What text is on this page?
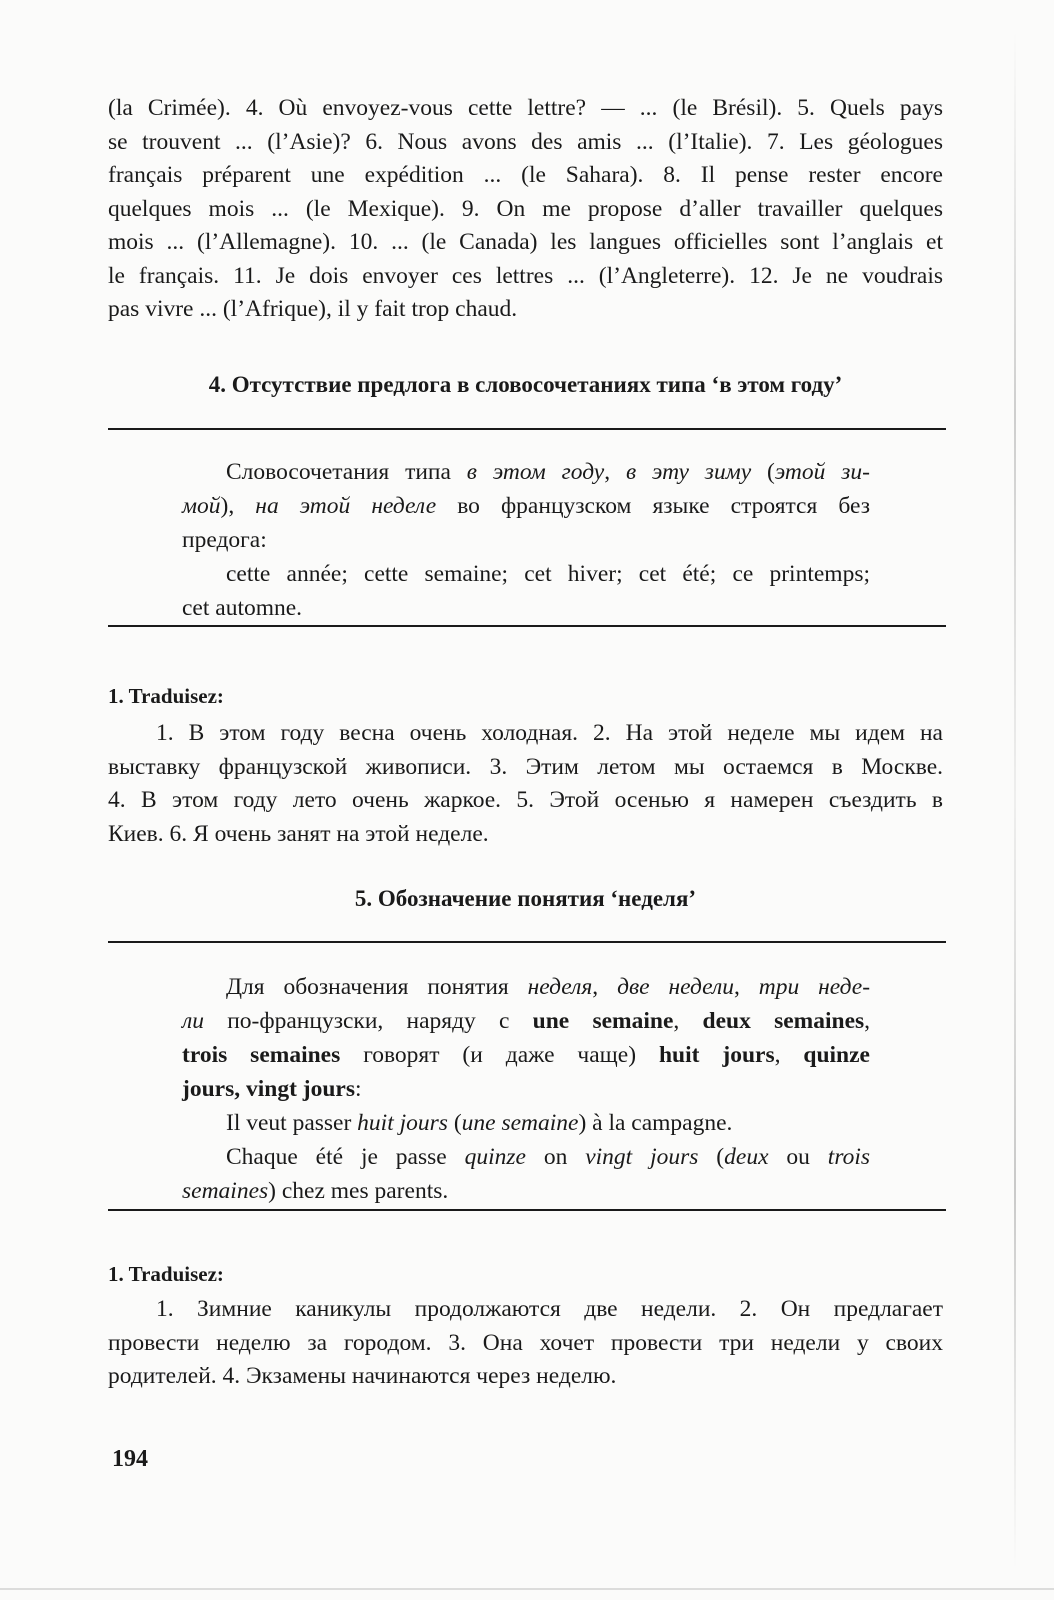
(la Crimée). 4. Où envoyez-vous cette lettre? — ... (le Brésil). 5. Quels pays
se trouvent ... (l’Asie)? 6. Nous avons des amis ... (l’Italie). 7. Les géologues
français préparent une expédition ... (le Sahara). 8. Il pense rester encore
quelques mois ... (le Mexique). 9. On me propose d’aller travailler quelques
mois ... (l’Allemagne). 10. ... (le Canada) les langues officielles sont l’anglais et
le français. 11. Je dois envoyer ces lettres ... (l’Angleterre). 12. Je ne voudrais
pas vivre ... (l’Afrique), il y fait trop chaud.

4. Отсутствие предлога в словосочетаниях типа ‘в этом году’

Словосочетания типа в этом году, в эту зиму (этой зи-
мой), на этой неделе во французском языке строятся без
предога:
cette année; cette semaine; cet hiver; cet été; ce printemps;
cet automne.

1. Traduisez:

1. В этом году весна очень холодная. 2. На этой неделе мы идем на
выставку французской живописи. 3. Этим летом мы остаемся в Москве.
4. В этом году лето очень жаркое. 5. Этой осенью я намерен съездить в
Киев. 6. Я очень занят на этой неделе.

5. Обозначение понятия ‘неделя’

Для обозначения понятия неделя, две недели, три неде-
ли по-французски, наряду с une semaine, deux semaines,
trois semaines говорят (и даже чаще) huit jours, quinze
jours, vingt jours:
Il veut passer huit jours (une semaine) à la campagne.
Chaque été je passe quinze on vingt jours (deux ou trois
semaines) chez mes parents.

1. Traduisez:

1. Зимние каникулы продолжаются две недели. 2. Он предлагает
провести неделю за городом. 3. Она хочет провести три недели у своих
родителей. 4. Экзамены начинаются через неделю.
194
